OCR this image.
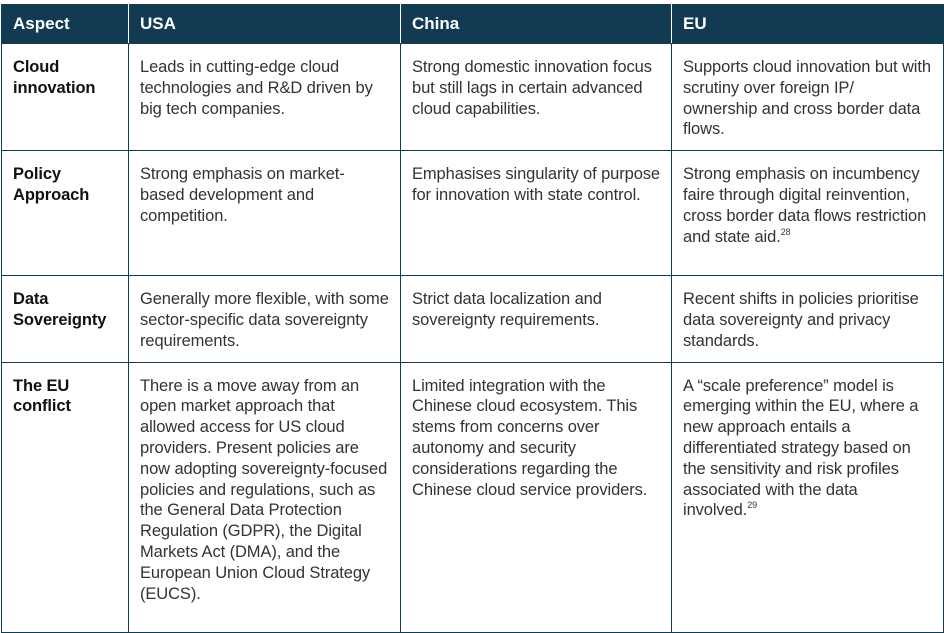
Aspect	USA	China	EU
Cloud innovation	Leads in cutting-edge cloud technologies and R&D driven by big tech companies.	Strong domestic innovation focus but still lags in certain advanced cloud capabilities.	Supports cloud innovation but with scrutiny over foreign IP/ ownership and cross border data flows.
Policy Approach	Strong emphasis on market-based development and competition.	Emphasises singularity of purpose for innovation with state control.	Strong emphasis on incumbency faire through digital reinvention, cross border data flows restriction and state aid.$^{28}$
Data Sovereignty	Generally more flexible, with some sector-specific data sovereignty requirements.	Strict data localization and sovereignty requirements.	Recent shifts in policies prioritise data sovereignty and privacy standards.
The EU conflict	There is a move away from an open market approach that allowed access for US cloud providers. Present policies are now adopting sovereignty-focused policies and regulations, such as the General Data Protection Regulation (GDPR), the Digital Markets Act (DMA), and the European Union Cloud Strategy (EUCS).	Limited integration with the Chinese cloud ecosystem. This stems from concerns over autonomy and security considerations regarding the Chinese cloud service providers.	A “scale preference” model is emerging within the EU, where a new approach entails a differentiated strategy based on the sensitivity and risk profiles associated with the data involved.$^{29}$
